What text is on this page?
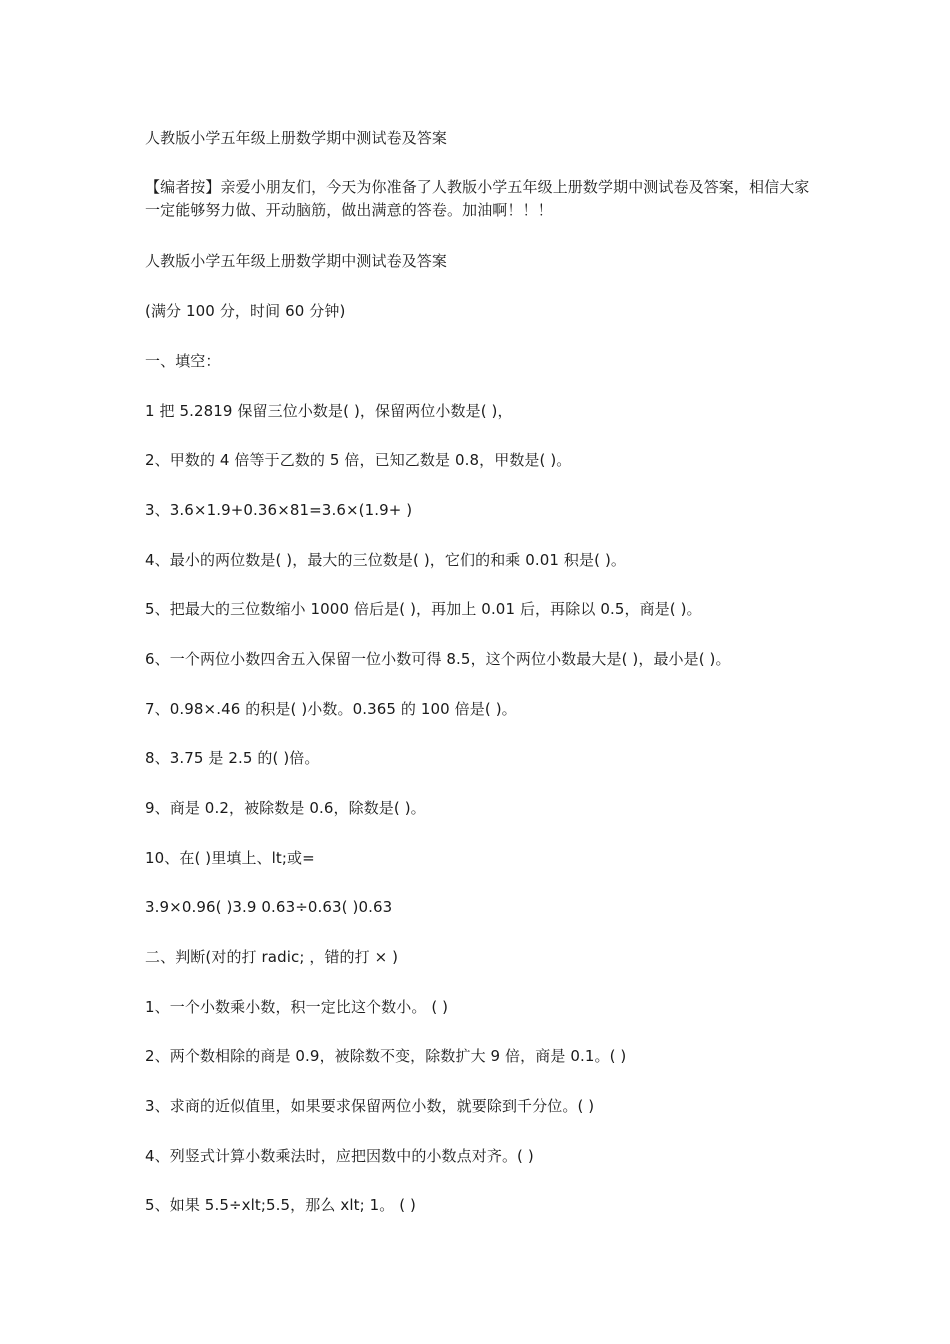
人教版小学五年级上册数学期中测试卷及答案
【编者按】亲爱小朋友们，今天为你准备了人教版小学五年级上册数学期中测试卷及答案，相信大家一定能够努力做、开动脑筋，做出满意的答卷。加油啊！！！
人教版小学五年级上册数学期中测试卷及答案
(满分 100 分，时间 60 分钟)
一、填空：
1 把 5.2819 保留三位小数是( )，保留两位小数是( )，
2、甲数的 4 倍等于乙数的 5 倍，已知乙数是 0.8，甲数是( )。
3、3.6×1.9+0.36×81=3.6×(1.9+ )
4、最小的两位数是( )，最大的三位数是( )，它们的和乘 0.01 积是( )。
5、把最大的三位数缩小 1000 倍后是( )，再加上 0.01 后，再除以 0.5，商是( )。
6、一个两位小数四舍五入保留一位小数可得 8.5，这个两位小数最大是( )，最小是( )。
7、0.98×.46 的积是( )小数。0.365 的 100 倍是( )。
8、3.75 是 2.5 的( )倍。
9、商是 0.2，被除数是 0.6，除数是( )。
10、在( )里填上、lt;或=
3.9×0.96( )3.9 0.63÷0.63( )0.63
二、判断(对的打 radic; ，错的打 × )
1、一个小数乘小数，积一定比这个数小。 ( )
2、两个数相除的商是 0.9，被除数不变，除数扩大 9 倍，商是 0.1。( )
3、求商的近似值里，如果要求保留两位小数，就要除到千分位。( )
4、列竖式计算小数乘法时，应把因数中的小数点对齐。( )
5、如果 5.5÷xlt;5.5，那么 xlt; 1。 ( )
